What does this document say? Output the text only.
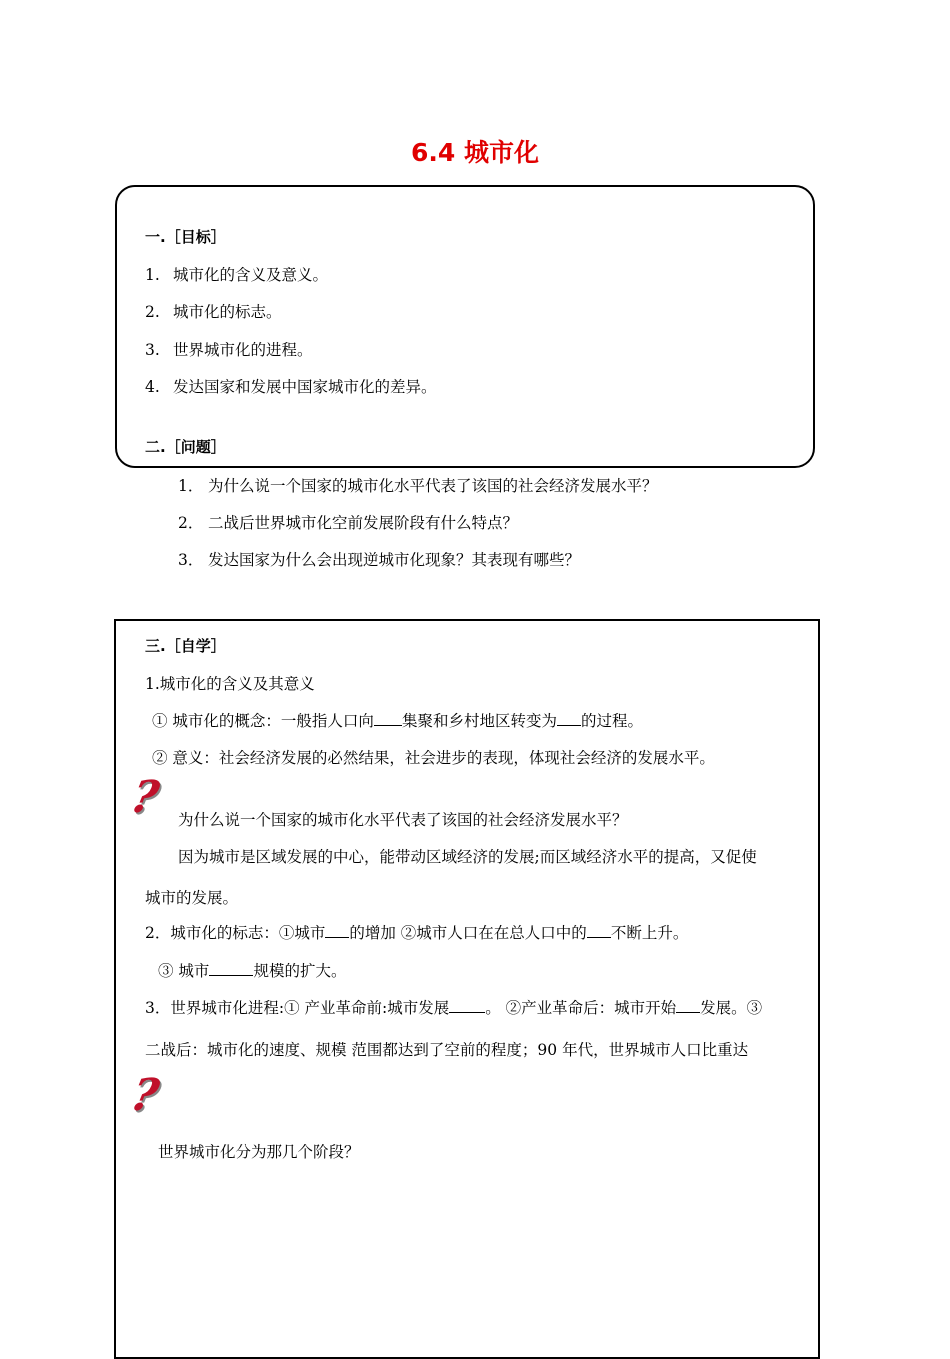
6.4 城市化
一.［目标］
1. 城市化的含义及意义。
2. 城市化的标志。
3. 世界城市化的进程。
4. 发达国家和发展中国家城市化的差异。
二.［问题］
1． 为什么说一个国家的城市化水平代表了该国的社会经济发展水平？
2． 二战后世界城市化空前发展阶段有什么特点？
3． 发达国家为什么会出现逆城市化现象？其表现有哪些？
三.［自学］
1.城市化的含义及其意义
① 城市化的概念：一般指人口向 集聚和乡村地区转变为 的过程。
② 意义：社会经济发展的必然结果，社会进步的表现，体现社会经济的发展水平。
? 为什么说一个国家的城市化水平代表了该国的社会经济发展水平？
因为城市是区域发展的中心，能带动区域经济的发展;而区域经济水平的提高，又促使
城市的发展。
2．城市化的标志：①城市 的增加 ②城市人口在在总人口中的 不断上升。
③ 城市	规模的扩大。
3．世界城市化进程:① 产业革命前:城市发展 。 ②产业革命后：城市开始 发展。③
二战后：城市化的速度、规模 范围都达到了空前的程度；90 年代，世界城市人口比重达
?
世界城市化分为那几个阶段？
